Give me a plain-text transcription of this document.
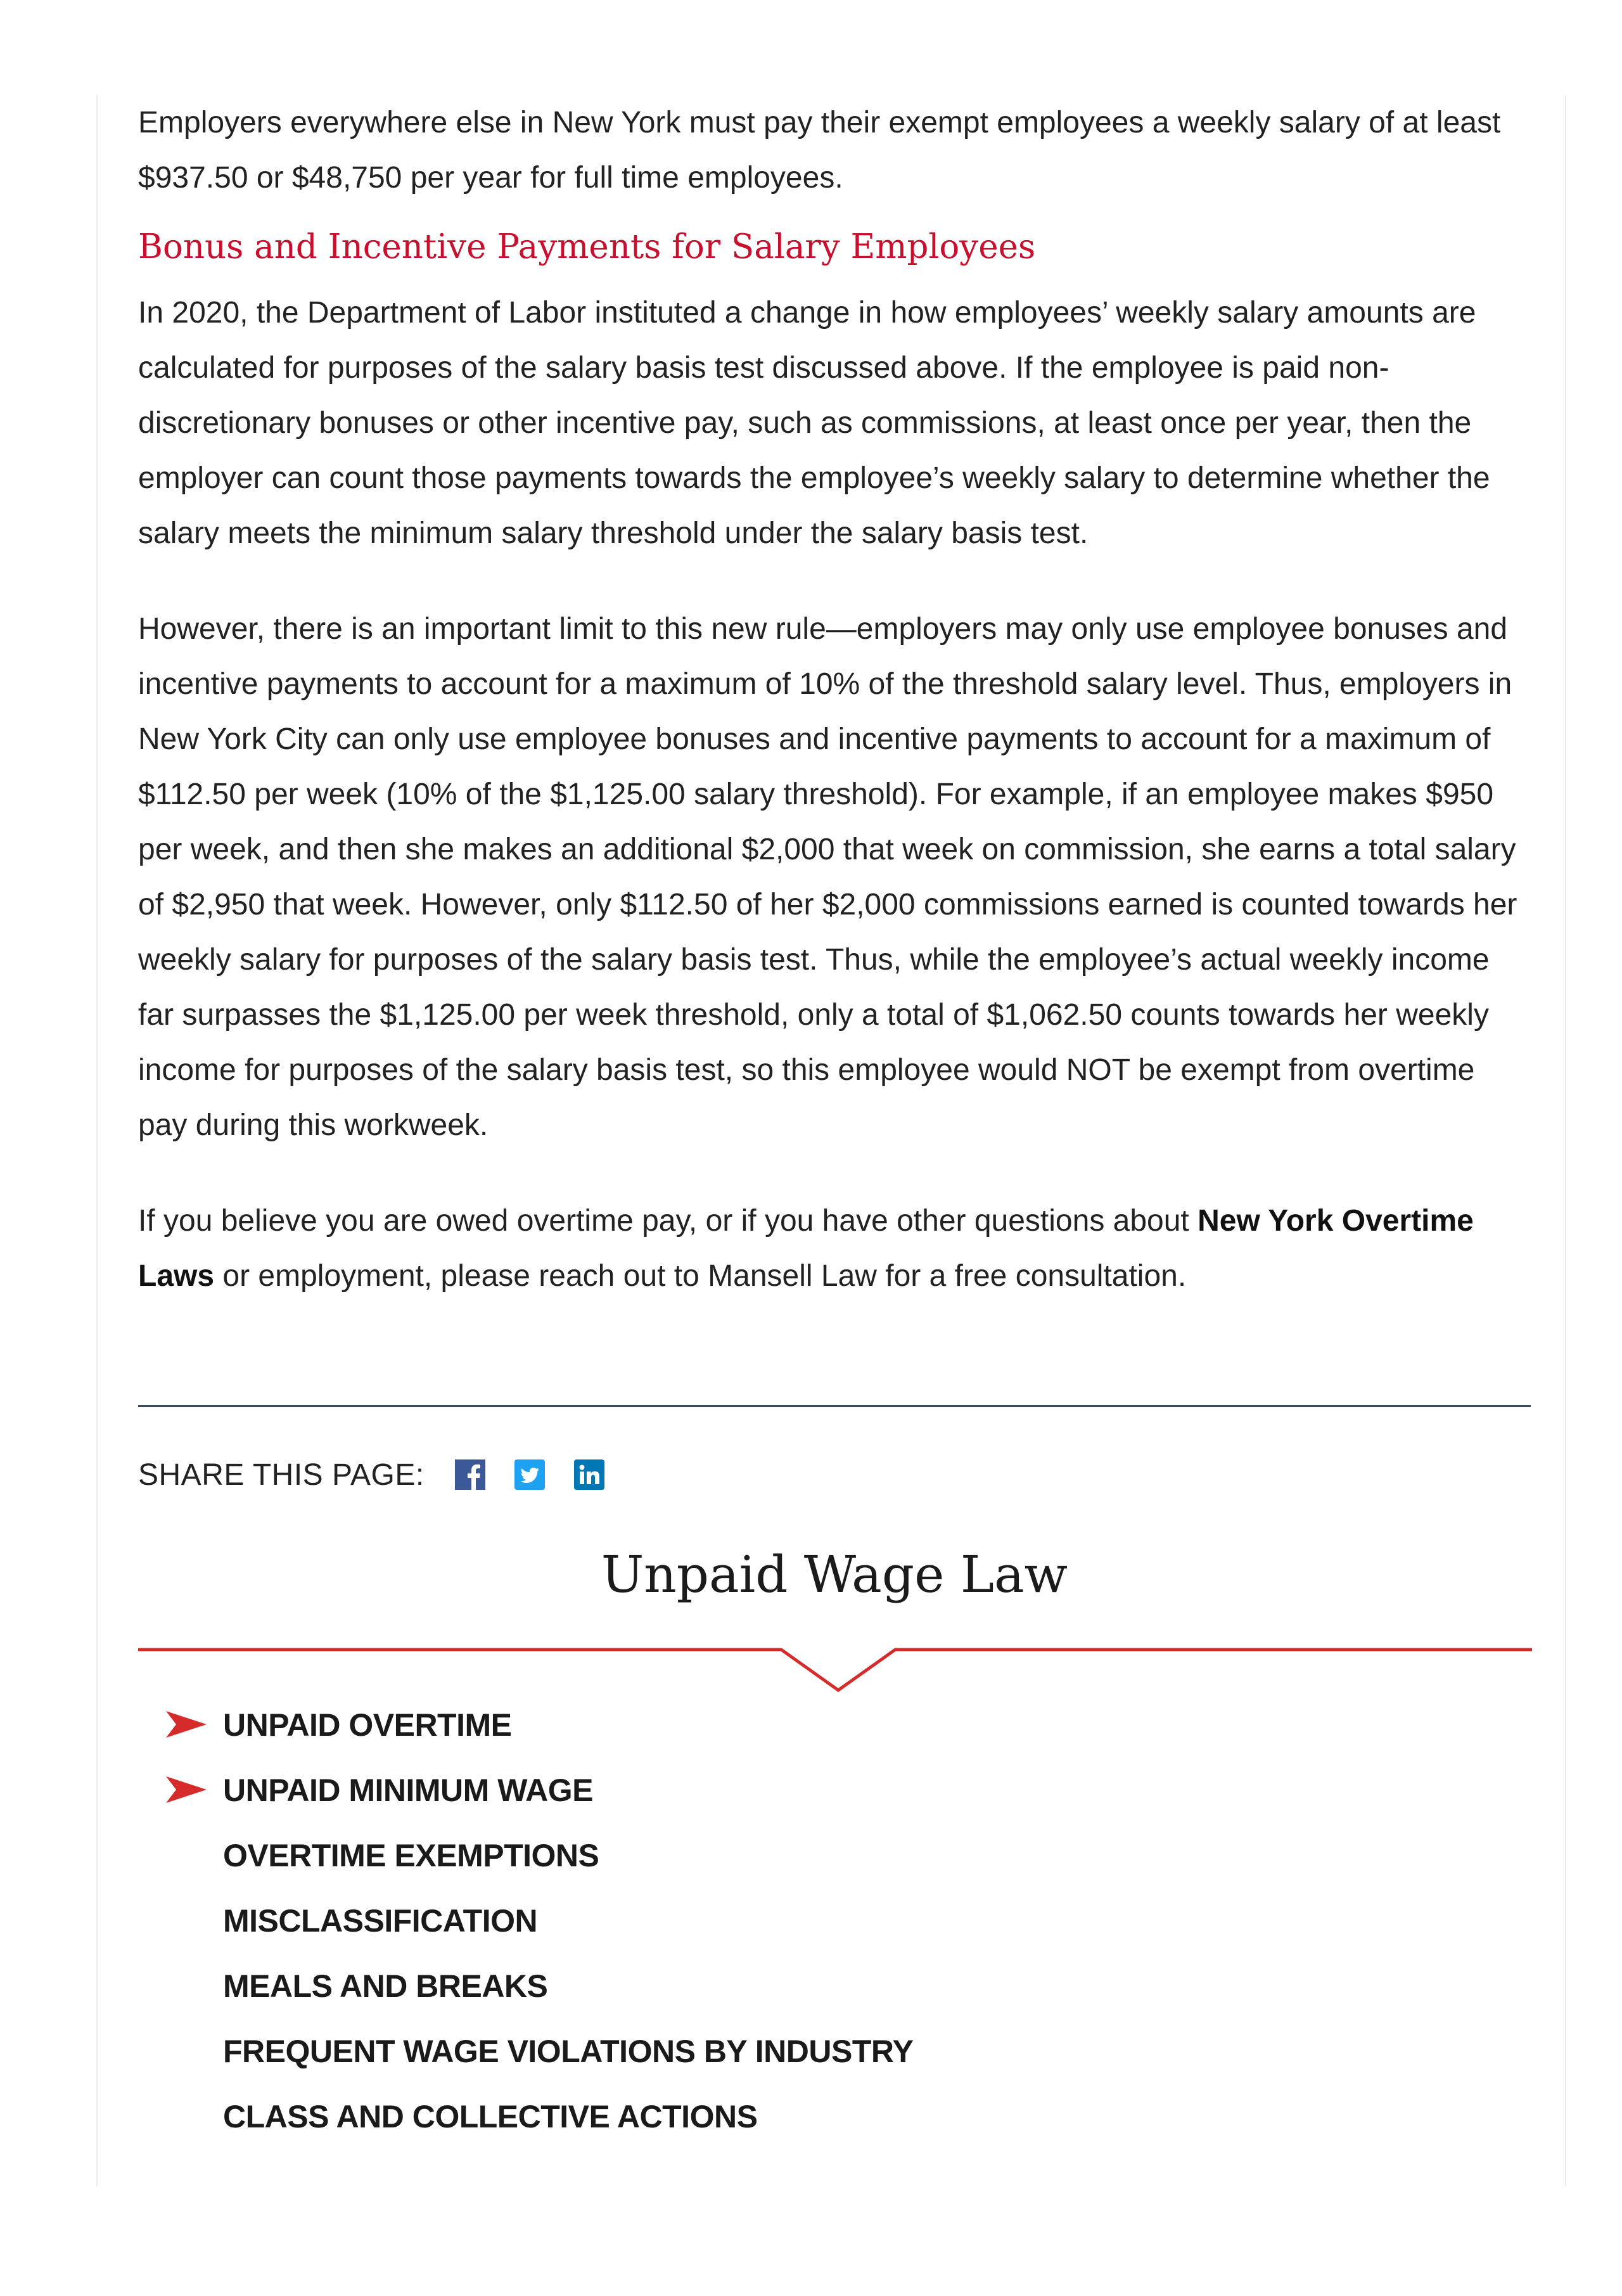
Employers everywhere else in New York must pay their exempt employees a weekly salary of at least $937.50 or $48,750 per year for full time employees.

Bonus and Incentive Payments for Salary Employees

In 2020, the Department of Labor instituted a change in how employees’ weekly salary amounts are calculated for purposes of the salary basis test discussed above. If the employee is paid non-discretionary bonuses or other incentive pay, such as commissions, at least once per year, then the employer can count those payments towards the employee’s weekly salary to determine whether the salary meets the minimum salary threshold under the salary basis test.

However, there is an important limit to this new rule—employers may only use employee bonuses and incentive payments to account for a maximum of 10% of the threshold salary level. Thus, employers in New York City can only use employee bonuses and incentive payments to account for a maximum of $112.50 per week (10% of the $1,125.00 salary threshold). For example, if an employee makes $950 per week, and then she makes an additional $2,000 that week on commission, she earns a total salary of $2,950 that week. However, only $112.50 of her $2,000 commissions earned is counted towards her weekly salary for purposes of the salary basis test. Thus, while the employee’s actual weekly income far surpasses the $1,125.00 per week threshold, only a total of $1,062.50 counts towards her weekly income for purposes of the salary basis test, so this employee would NOT be exempt from overtime pay during this workweek.

If you believe you are owed overtime pay, or if you have other questions about New York Overtime Laws or employment, please reach out to Mansell Law for a free consultation.

SHARE THIS PAGE:
Unpaid Wage Law
UNPAID OVERTIME
UNPAID MINIMUM WAGE
OVERTIME EXEMPTIONS
MISCLASSIFICATION
MEALS AND BREAKS
FREQUENT WAGE VIOLATIONS BY INDUSTRY
CLASS AND COLLECTIVE ACTIONS
